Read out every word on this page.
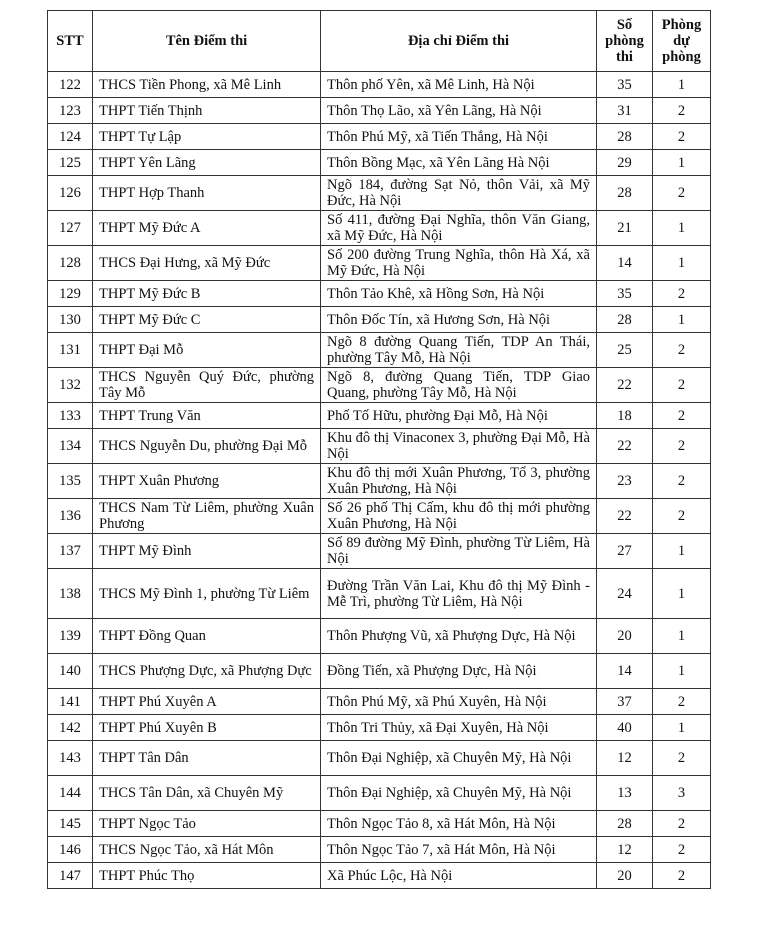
STT	Tên Điểm thi	Địa chỉ Điểm thi	Số phòng thi	Phòng dự phòng
122	THCS Tiền Phong, xã Mê Linh	Thôn phố Yên, xã Mê Linh, Hà Nội	35	1
123	THPT Tiến Thịnh	Thôn Thọ Lão, xã Yên Lãng, Hà Nội	31	2
124	THPT Tự Lập	Thôn Phú Mỹ, xã Tiến Thắng, Hà Nội	28	2
125	THPT Yên Lãng	Thôn Bồng Mạc, xã Yên Lãng Hà Nội	29	1
126	THPT Hợp Thanh	Ngõ 184, đường Sạt Nỏ, thôn Vải, xã Mỹ Đức, Hà Nội	28	2
127	THPT Mỹ Đức A	Số 411, đường Đại Nghĩa, thôn Văn Giang, xã Mỹ Đức, Hà Nội	21	1
128	THCS Đại Hưng, xã Mỹ Đức	Số 200 đường Trung Nghĩa, thôn Hà Xá, xã Mỹ Đức, Hà Nội	14	1
129	THPT Mỹ Đức B	Thôn Tảo Khê, xã Hồng Sơn, Hà Nội	35	2
130	THPT Mỹ Đức C	Thôn Đốc Tín, xã Hương Sơn, Hà Nội	28	1
131	THPT Đại Mỗ	Ngõ 8 đường Quang Tiến, TDP An Thái, phường Tây Mỗ, Hà Nội	25	2
132	THCS Nguyễn Quý Đức, phường Tây Mỗ	Ngõ 8, đường Quang Tiến, TDP Giao Quang, phường Tây Mỗ, Hà Nội	22	2
133	THPT Trung Văn	Phố Tố Hữu, phường Đại Mỗ, Hà Nội	18	2
134	THCS Nguyễn Du, phường Đại Mỗ	Khu đô thị Vinaconex 3, phường Đại Mỗ, Hà Nội	22	2
135	THPT Xuân Phương	Khu đô thị mới Xuân Phương, Tổ 3, phường Xuân Phương, Hà Nội	23	2
136	THCS Nam Từ Liêm, phường Xuân Phương	Số 26 phố Thị Cấm, khu đô thị mới phường Xuân Phương, Hà Nội	22	2
137	THPT Mỹ Đình	Số 89 đường Mỹ Đình, phường Từ Liêm, Hà Nội	27	1
138	THCS Mỹ Đình 1, phường Từ Liêm	Đường Trần Văn Lai, Khu đô thị Mỹ Đình - Mễ Trì, phường Từ Liêm, Hà Nội	24	1
139	THPT Đồng Quan	Thôn Phượng Vũ, xã Phượng Dực, Hà Nội	20	1
140	THCS Phượng Dực, xã Phượng Dực	Đồng Tiến, xã Phượng Dực, Hà Nội	14	1
141	THPT Phú Xuyên A	Thôn Phú Mỹ, xã Phú Xuyên, Hà Nội	37	2
142	THPT Phú Xuyên B	Thôn Tri Thủy, xã Đại Xuyên, Hà Nội	40	1
143	THPT Tân Dân	Thôn Đại Nghiệp, xã Chuyên Mỹ, Hà Nội	12	2
144	THCS Tân Dân, xã Chuyên Mỹ	Thôn Đại Nghiệp, xã Chuyên Mỹ, Hà Nội	13	3
145	THPT Ngọc Tảo	Thôn Ngọc Tảo 8, xã Hát Môn, Hà Nội	28	2
146	THCS Ngọc Tảo, xã Hát Môn	Thôn Ngọc Tảo 7, xã Hát Môn, Hà Nội	12	2
147	THPT Phúc Thọ	Xã Phúc Lộc, Hà Nội	20	2
